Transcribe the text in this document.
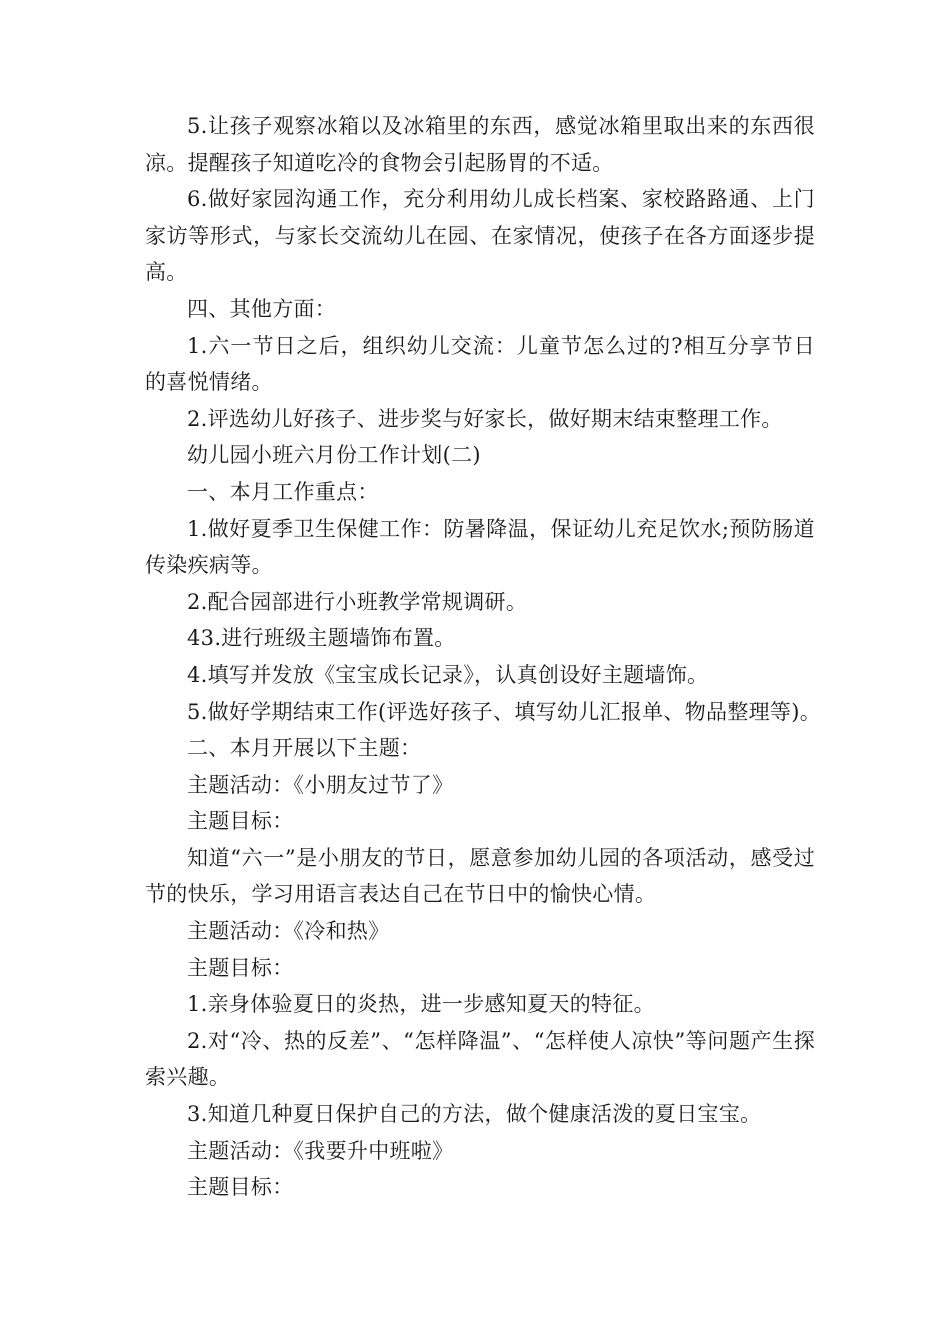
5.让孩子观察冰箱以及冰箱里的东西，感觉冰箱里取出来的东西很凉。提醒孩子知道吃冷的食物会引起肠胃的不适。

6.做好家园沟通工作，充分利用幼儿成长档案、家校路路通、上门家访等形式，与家长交流幼儿在园、在家情况，使孩子在各方面逐步提高。

四、其他方面：

1.六一节日之后，组织幼儿交流：儿童节怎么过的?相互分享节日的喜悦情绪。

2.评选幼儿好孩子、进步奖与好家长，做好期末结束整理工作。

幼儿园小班六月份工作计划(二)

一、本月工作重点：

1.做好夏季卫生保健工作：防暑降温，保证幼儿充足饮水;预防肠道传染疾病等。

2.配合园部进行小班教学常规调研。

43.进行班级主题墙饰布置。

4.填写并发放《宝宝成长记录》，认真创设好主题墙饰。

5.做好学期结束工作(评选好孩子、填写幼儿汇报单、物品整理等)。

二、本月开展以下主题：

主题活动：《小朋友过节了》

主题目标：

知道“六一”是小朋友的节日，愿意参加幼儿园的各项活动，感受过节的快乐，学习用语言表达自己在节日中的愉快心情。

主题活动：《冷和热》

主题目标：

1.亲身体验夏日的炎热，进一步感知夏天的特征。

2.对“冷、热的反差”、“怎样降温”、“怎样使人凉快”等问题产生探索兴趣。

3.知道几种夏日保护自己的方法，做个健康活泼的夏日宝宝。

主题活动：《我要升中班啦》

主题目标：
